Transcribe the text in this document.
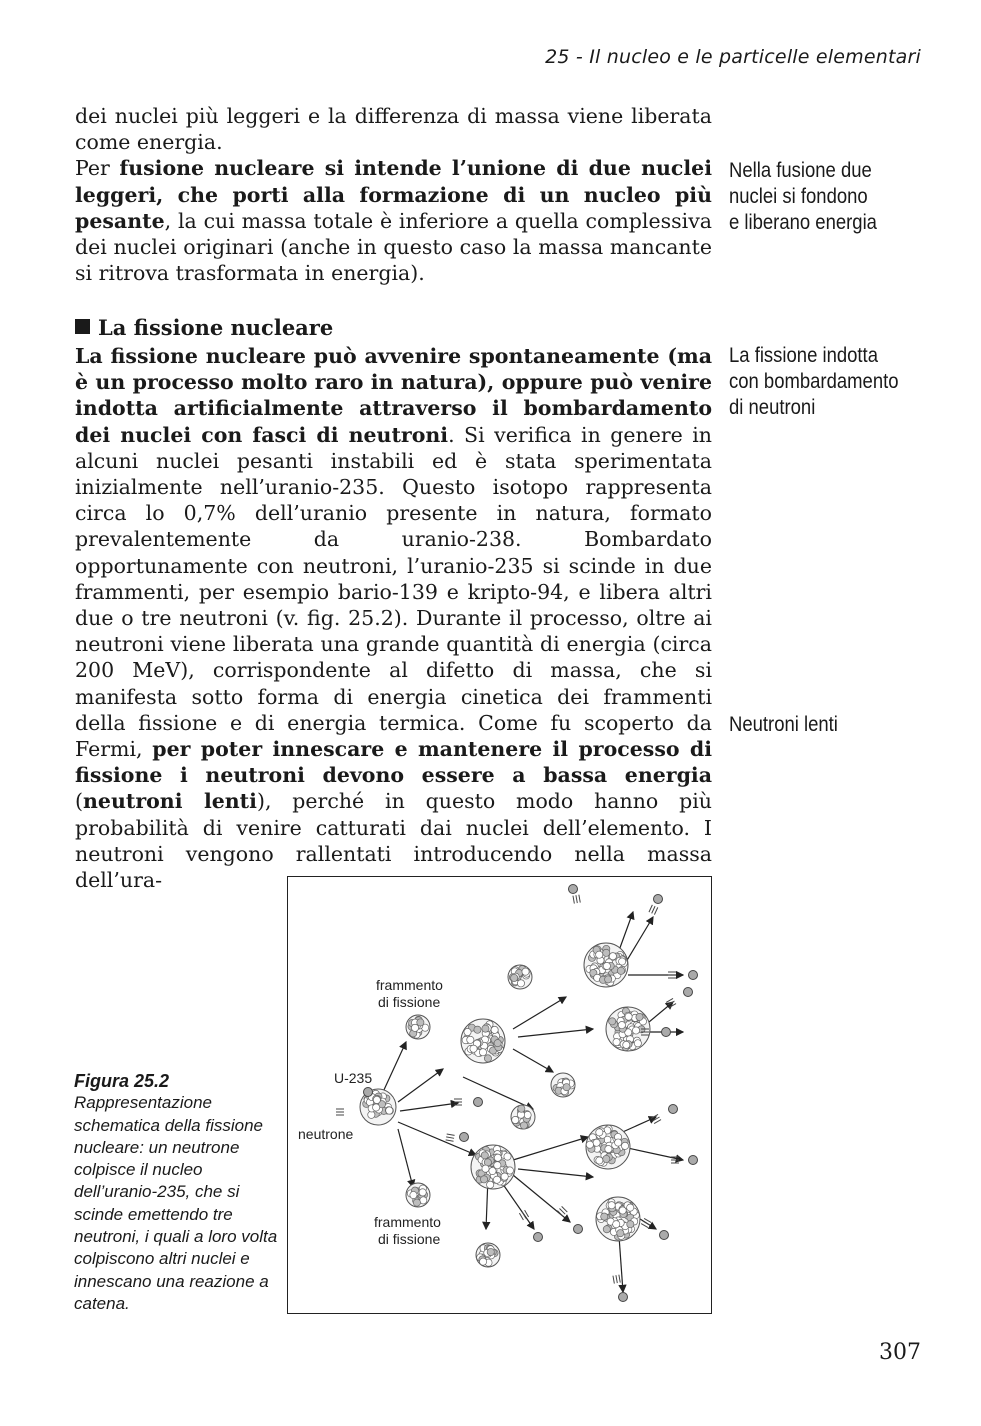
25 - Il nucleo e le particelle elementari
dei nuclei più leggeri e la differenza di massa viene liberata come energia.
Per fusione nucleare si intende l’unione di due nuclei leggeri, che porti alla formazione di un nucleo più pesante, la cui massa totale è inferiore a quella complessiva dei nuclei originari (anche in questo caso la massa mancante si ritrova trasformata in energia).
La fissione nucleare
La fissione nucleare può avvenire spontaneamente (ma è un processo molto raro in natura), oppure può venire indotta artificialmente attraverso il bombardamento dei nuclei con fasci di neutroni. Si verifica in genere in alcuni nuclei pesanti instabili ed è stata sperimentata inizialmente nell’uranio-235. Questo isotopo rappresenta circa lo 0,7% dell’uranio presente in natura, formato prevalentemente da uranio-238. Bombardato opportunamente con neutroni, l’uranio-235 si scinde in due frammenti, per esempio bario-139 e kripto-94, e libera altri due o tre neutroni (v. fig. 25.2). Durante il processo, oltre ai neutroni viene liberata una grande quantità di energia (circa 200 MeV), corrispondente al difetto di massa, che si manifesta sotto forma di energia cinetica dei frammenti della fissione e di energia termica. Come fu scoperto da Fermi, per poter innescare e mantenere il processo di fissione i neutroni devono essere a bassa energia (neutroni lenti), perché in questo modo hanno più probabilità di venire catturati dai nuclei dell’elemento. I neutroni vengono rallentati introducendo nella massa dell’ura-
Nella fusione due
nuclei si fondono
e liberano energia
La fissione indotta
con bombardamento
di neutroni
Neutroni lenti
frammento
di fissione
U-235
neutrone
frammento
di fissione
Figura 25.2
Rappresentazione schematica della fissione nucleare: un neutrone colpisce il nucleo dell’uranio-235, che si scinde emettendo tre neutroni, i quali a loro volta colpiscono altri nuclei e innescano una reazione a catena.
307
